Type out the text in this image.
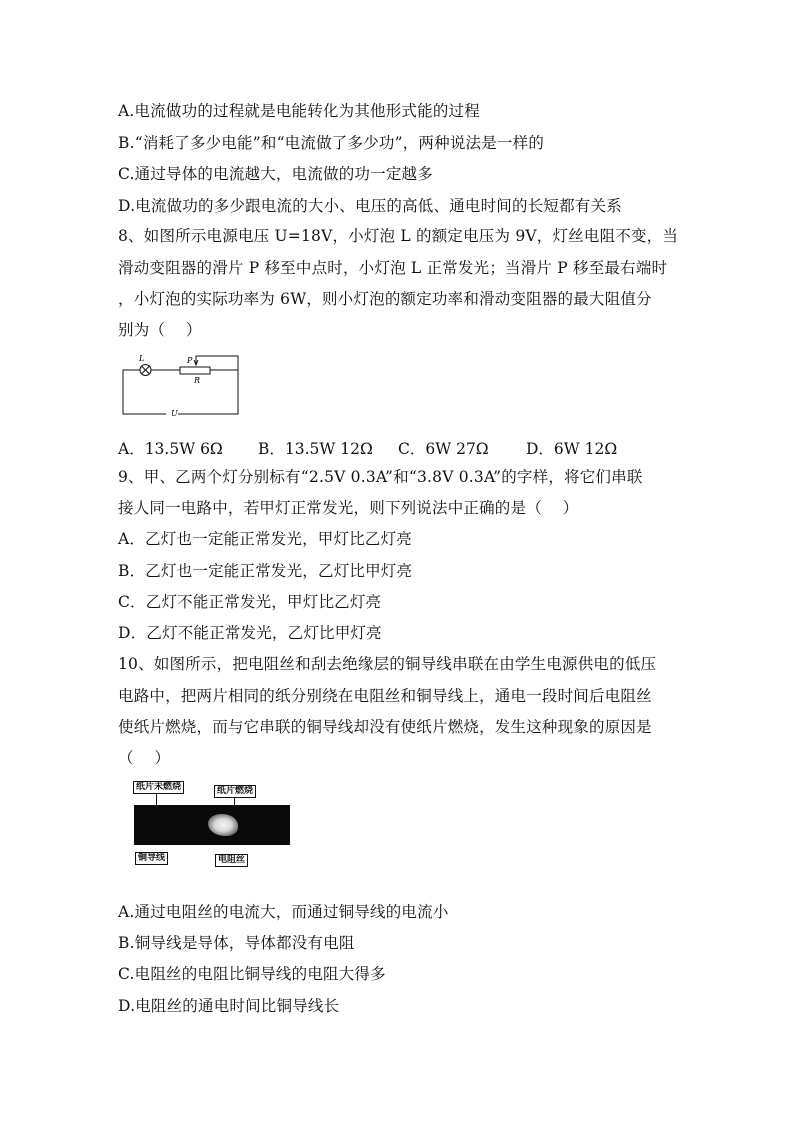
A.电流做功的过程就是电能转化为其他形式能的过程
B.“消耗了多少电能”和“电流做了多少功”，两种说法是一样的
C.通过导体的电流越大，电流做的功一定越多
D.电流做功的多少跟电流的大小、电压的高低、通电时间的长短都有关系
8、如图所示电源电压 U=18V，小灯泡 L 的额定电压为 9V，灯丝电阻不变，当
滑动变阻器的滑片 P 移至中点时，小灯泡 L 正常发光；当滑片 P 移至最右端时
，小灯泡的实际功率为 6W，则小灯泡的额定功率和滑动变阻器的最大阻值分
别为（　 ）
L	P
R
U
A．13.5W 6Ω B．13.5W 12Ω C．6W 27Ω D．6W 12Ω
9、甲、乙两个灯分别标有“2.5V 0.3A”和“3.8V 0.3A”的字样，将它们串联
接人同一电路中，若甲灯正常发光，则下列说法中正确的是（　 ）
A．乙灯也一定能正常发光，甲灯比乙灯亮
B．乙灯也一定能正常发光，乙灯比甲灯亮
C．乙灯不能正常发光，甲灯比乙灯亮
D．乙灯不能正常发光，乙灯比甲灯亮
10、如图所示，把电阻丝和刮去绝缘层的铜导线串联在由学生电源供电的低压
电路中，把两片相同的纸分别绕在电阻丝和铜导线上，通电一段时间后电阻丝
使纸片燃烧，而与它串联的铜导线却没有使纸片燃烧，发生这种现象的原因是
（　 ）
纸片未燃烧	纸片燃烧
铜导线	电阻丝
A.通过电阻丝的电流大，而通过铜导线的电流小
B.铜导线是导体，导体都没有电阻
C.电阻丝的电阻比铜导线的电阻大得多
D.电阻丝的通电时间比铜导线长
